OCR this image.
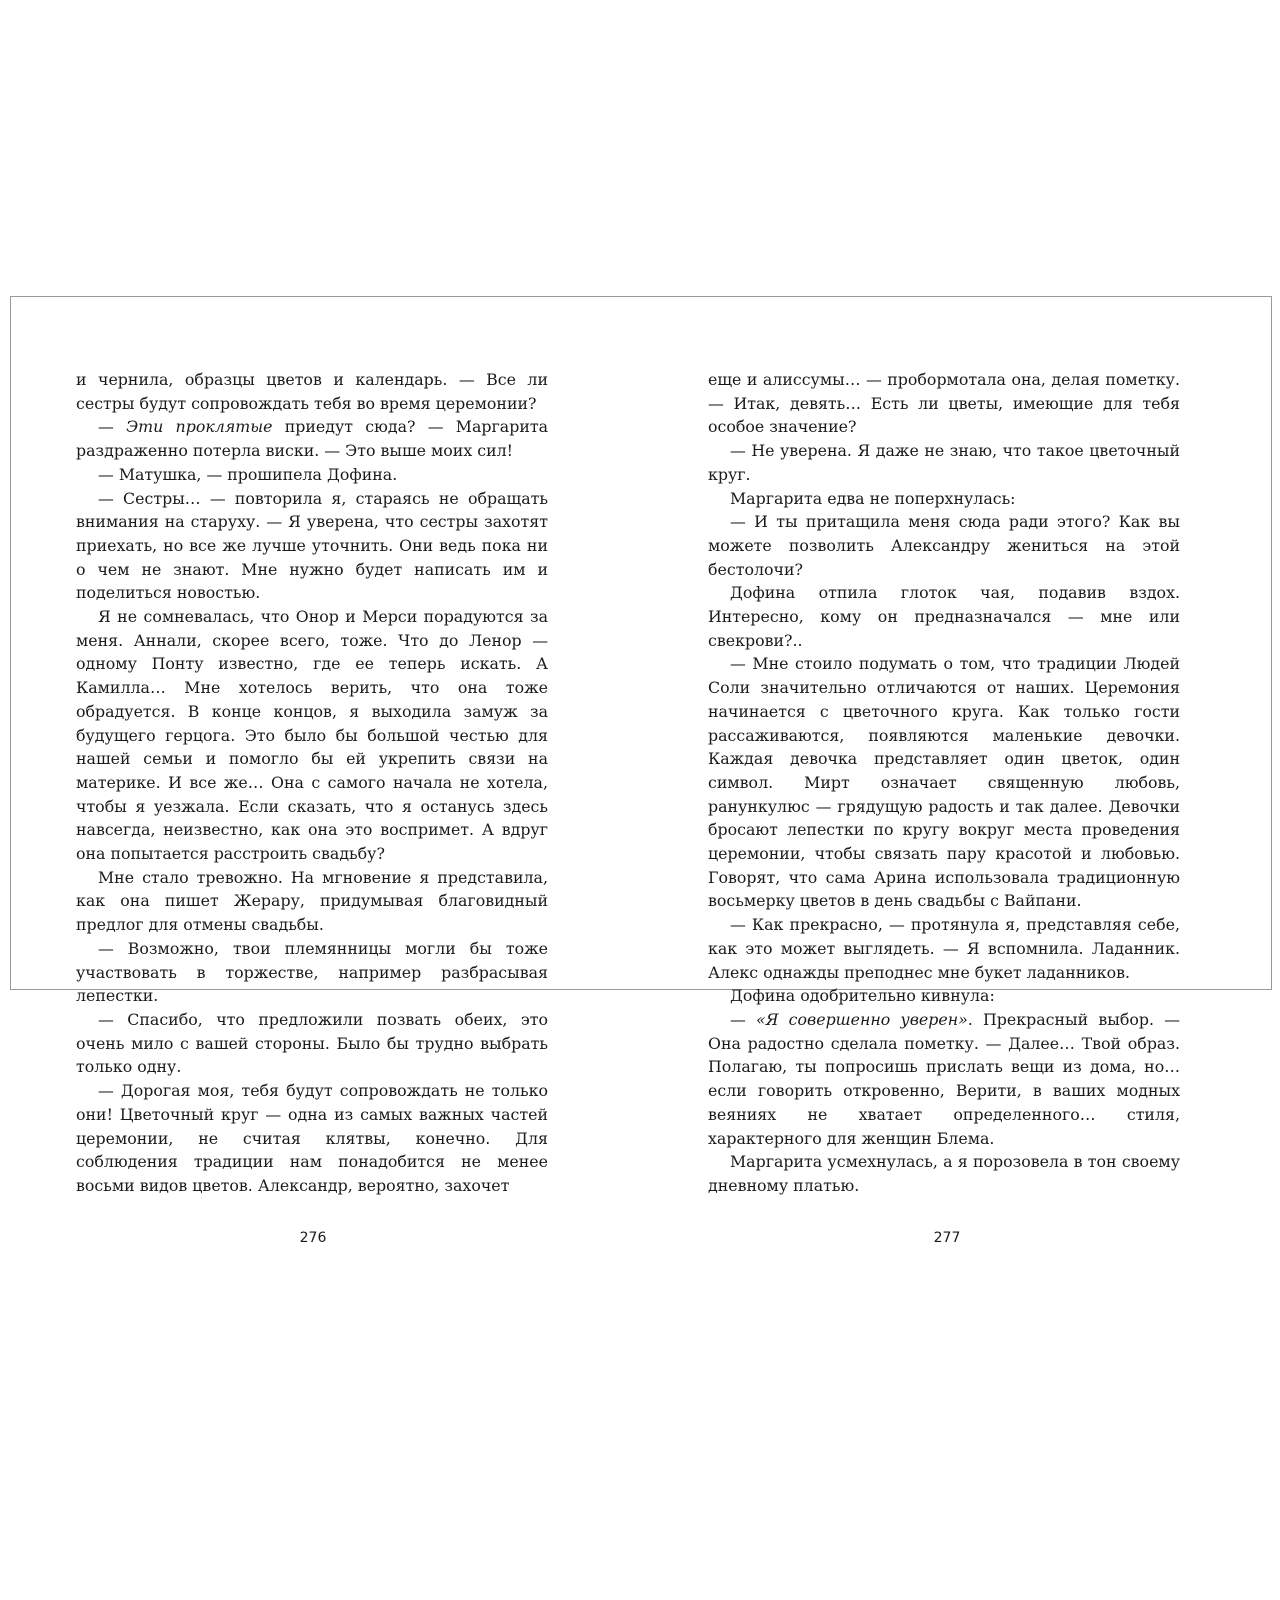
и чернила, образцы цветов и календарь. — Все ли сестры будут сопровождать тебя во время церемонии?

— Эти проклятые приедут сюда? — Маргарита раздраженно потерла виски. — Это выше моих сил!

— Матушка, — прошипела Дофина.

— Сестры… — повторила я, стараясь не обращать внимания на старуху. — Я уверена, что сестры захотят приехать, но все же лучше уточнить. Они ведь пока ни о чем не знают. Мне нужно будет написать им и поделиться новостью.

Я не сомневалась, что Онор и Мерси порадуются за меня. Аннали, скорее всего, тоже. Что до Ленор — одному Понту известно, где ее теперь искать. А Камилла… Мне хотелось верить, что она тоже обрадуется. В конце концов, я выходила замуж за будущего герцога. Это было бы большой честью для нашей семьи и помогло бы ей укрепить связи на материке. И все же… Она с самого начала не хотела, чтобы я уезжала. Если сказать, что я останусь здесь навсегда, неизвестно, как она это воспримет. А вдруг она попытается расстроить свадьбу?

Мне стало тревожно. На мгновение я представила, как она пишет Жерару, придумывая благовидный предлог для отмены свадьбы.

— Возможно, твои племянницы могли бы тоже участвовать в торжестве, например разбрасывая лепестки.

— Спасибо, что предложили позвать обеих, это очень мило с вашей стороны. Было бы трудно выбрать только одну.

— Дорогая моя, тебя будут сопровождать не только они! Цветочный круг — одна из самых важных частей церемонии, не считая клятвы, конечно. Для соблюдения традиции нам понадобится не менее восьми видов цветов. Александр, вероятно, захочет

еще и алиссумы… — пробормотала она, делая пометку. — Итак, девять… Есть ли цветы, имеющие для тебя особое значение?

— Не уверена. Я даже не знаю, что такое цветочный круг.

Маргарита едва не поперхнулась:

— И ты притащила меня сюда ради этого? Как вы можете позволить Александру жениться на этой бестолочи?

Дофина отпила глоток чая, подавив вздох. Интересно, кому он предназначался — мне или свекрови?..

— Мне стоило подумать о том, что традиции Людей Соли значительно отличаются от наших. Церемония начинается с цветочного круга. Как только гости рассаживаются, появляются маленькие девочки. Каждая девочка представляет один цветок, один символ. Мирт означает священную любовь, ранункулюс — грядущую радость и так далее. Девочки бросают лепестки по кругу вокруг места проведения церемонии, чтобы связать пару красотой и любовью. Говорят, что сама Арина использовала традиционную восьмерку цветов в день свадьбы с Вайпани.

— Как прекрасно, — протянула я, представляя себе, как это может выглядеть. — Я вспомнила. Ладанник. Алекс однажды преподнес мне букет ладанников.

Дофина одобрительно кивнула:

— «Я совершенно уверен». Прекрасный выбор. — Она радостно сделала пометку. — Далее… Твой образ. Полагаю, ты попросишь прислать вещи из дома, но… если говорить откровенно, Верити, в ваших модных веяниях не хватает определенного… стиля, характерного для женщин Блема.

Маргарита усмехнулась, а я порозовела в тон своему дневному платью.

276	277
